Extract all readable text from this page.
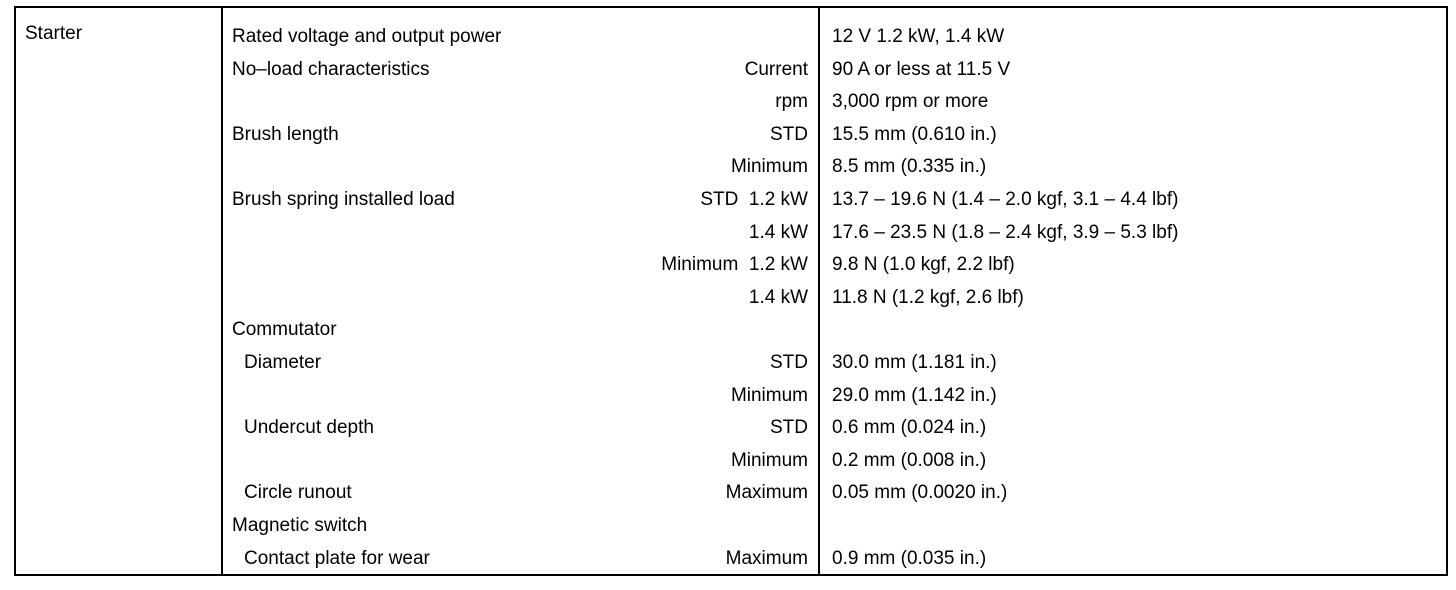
Starter	Rated voltage and output power	12 V 1.2 kW, 1.4 kW
No–load characteristics	Current 90 A or less at 11.5 V
rpm 3,000 rpm or more
Brush length	STD 15.5 mm (0.610 in.)
Minimum 8.5 mm (0.335 in.)
Brush spring installed load	STD  1.2 kW 13.7 – 19.6 N (1.4 – 2.0 kgf, 3.1 – 4.4 lbf)
1.4 kW 17.6 – 23.5 N (1.8 – 2.4 kgf, 3.9 – 5.3 lbf)
Minimum  1.2 kW 9.8 N (1.0 kgf, 2.2 lbf)
1.4 kW 11.8 N (1.2 kgf, 2.6 lbf)
Commutator
Diameter	STD 30.0 mm (1.181 in.)
Minimum 29.0 mm (1.142 in.)
Undercut depth	STD 0.6 mm (0.024 in.)
Minimum 0.2 mm (0.008 in.)
Circle runout	Maximum 0.05 mm (0.0020 in.)
Magnetic switch
Contact plate for wear	Maximum 0.9 mm (0.035 in.)
